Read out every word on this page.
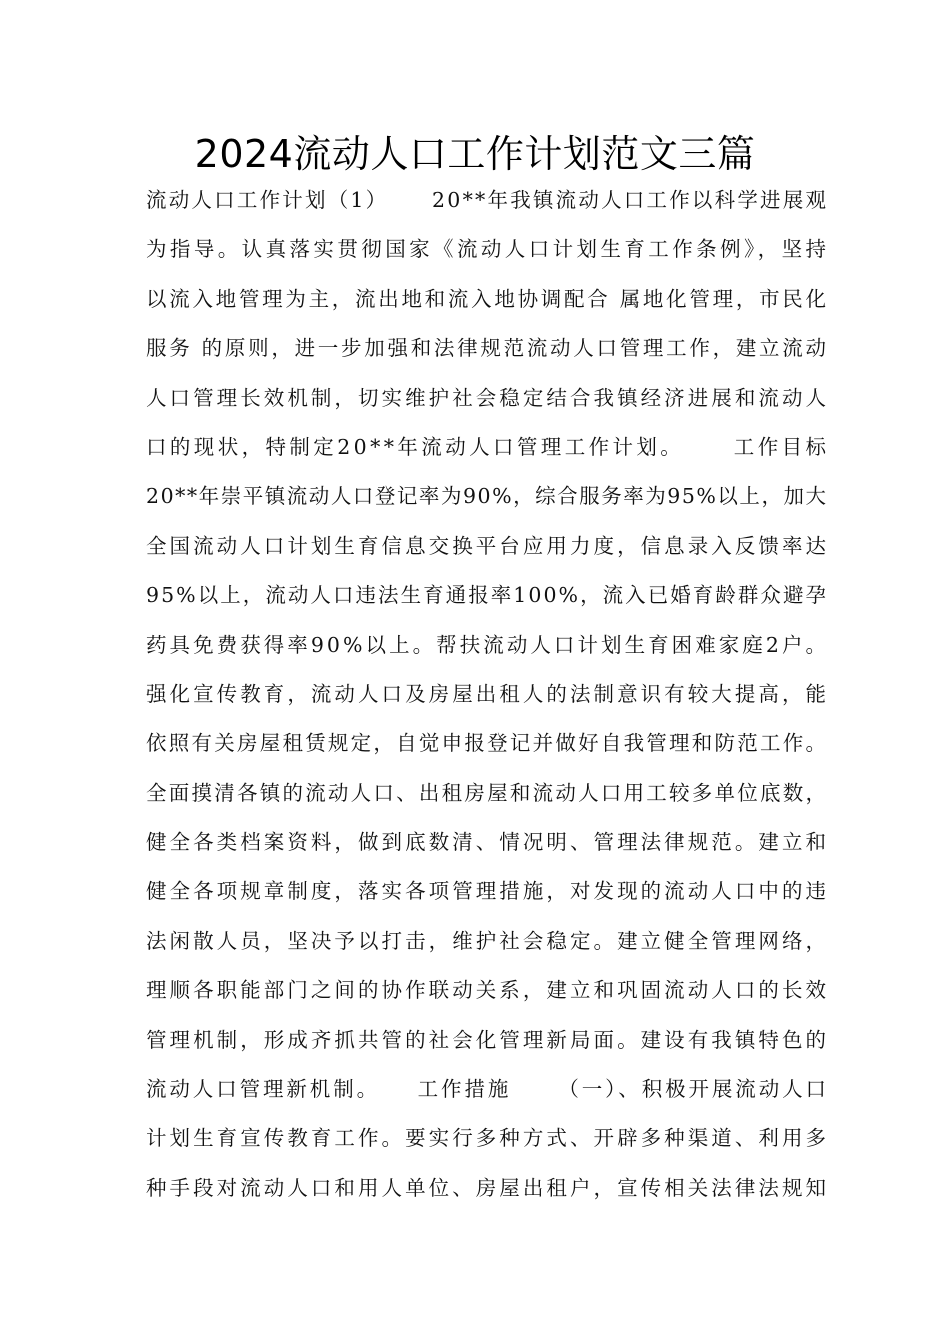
2024流动人口工作计划范文三篇
流动人口工作计划（1）     20**年我镇流动人口工作以科学进展观
为指导。认真落实贯彻国家《流动人口计划生育工作条例》，坚持
以流入地管理为主，流出地和流入地协调配合 属地化管理，市民化
服务 的原则，进一步加强和法律规范流动人口管理工作，建立流动
人口管理长效机制，切实维护社会稳定结合我镇经济进展和流动人
口的现状，特制定20**年流动人口管理工作计划。     工作目标
20**年崇平镇流动人口登记率为90%，综合服务率为95%以上，加大
全国流动人口计划生育信息交换平台应用力度，信息录入反馈率达
95%以上，流动人口违法生育通报率100%，流入已婚育龄群众避孕
药具免费获得率90%以上。帮扶流动人口计划生育困难家庭2户。
强化宣传教育，流动人口及房屋出租人的法制意识有较大提高，能
依照有关房屋租赁规定，自觉申报登记并做好自我管理和防范工作。
全面摸清各镇的流动人口、出租房屋和流动人口用工较多单位底数，
健全各类档案资料，做到底数清、情况明、管理法律规范。建立和
健全各项规章制度，落实各项管理措施，对发现的流动人口中的违
法闲散人员，坚决予以打击，维护社会稳定。建立健全管理网络，
理顺各职能部门之间的协作联动关系，建立和巩固流动人口的长效
管理机制，形成齐抓共管的社会化管理新局面。建设有我镇特色的
流动人口管理新机制。    工作措施     （一）、积极开展流动人口
计划生育宣传教育工作。要实行多种方式、开辟多种渠道、利用多
种手段对流动人口和用人单位、房屋出租户，宣传相关法律法规知
